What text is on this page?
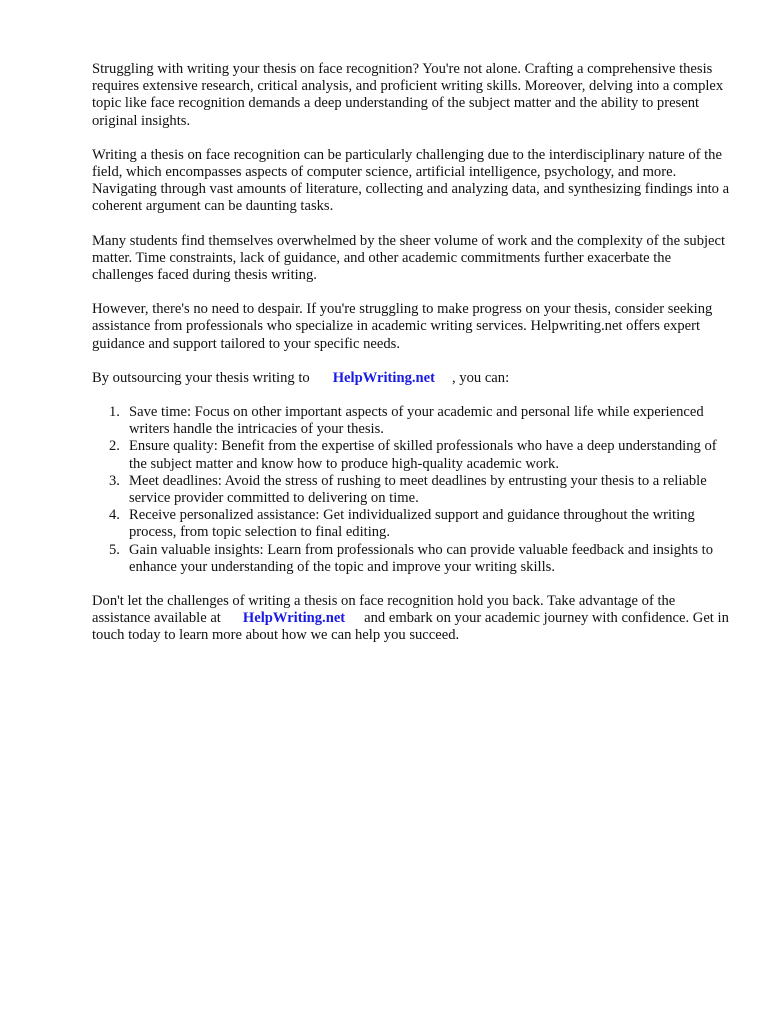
Struggling with writing your thesis on face recognition? You're not alone. Crafting a comprehensive thesis requires extensive research, critical analysis, and proficient writing skills. Moreover, delving into a complex topic like face recognition demands a deep understanding of the subject matter and the ability to present original insights.

Writing a thesis on face recognition can be particularly challenging due to the interdisciplinary nature of the field, which encompasses aspects of computer science, artificial intelligence, psychology, and more. Navigating through vast amounts of literature, collecting and analyzing data, and synthesizing findings into a coherent argument can be daunting tasks.

Many students find themselves overwhelmed by the sheer volume of work and the complexity of the subject matter. Time constraints, lack of guidance, and other academic commitments further exacerbate the challenges faced during thesis writing.

However, there's no need to despair. If you're struggling to make progress on your thesis, consider seeking assistance from professionals who specialize in academic writing services. Helpwriting.net offers expert guidance and support tailored to your specific needs.

By outsourcing your thesis writing to HelpWriting.net , you can:

1. Save time: Focus on other important aspects of your academic and personal life while experienced writers handle the intricacies of your thesis.
2. Ensure quality: Benefit from the expertise of skilled professionals who have a deep understanding of the subject matter and know how to produce high-quality academic work.
3. Meet deadlines: Avoid the stress of rushing to meet deadlines by entrusting your thesis to a reliable service provider committed to delivering on time.
4. Receive personalized assistance: Get individualized support and guidance throughout the writing process, from topic selection to final editing.
5. Gain valuable insights: Learn from professionals who can provide valuable feedback and insights to enhance your understanding of the topic and improve your writing skills.

Don't let the challenges of writing a thesis on face recognition hold you back. Take advantage of the assistance available at HelpWriting.net and embark on your academic journey with confidence. Get in touch today to learn more about how we can help you succeed.
